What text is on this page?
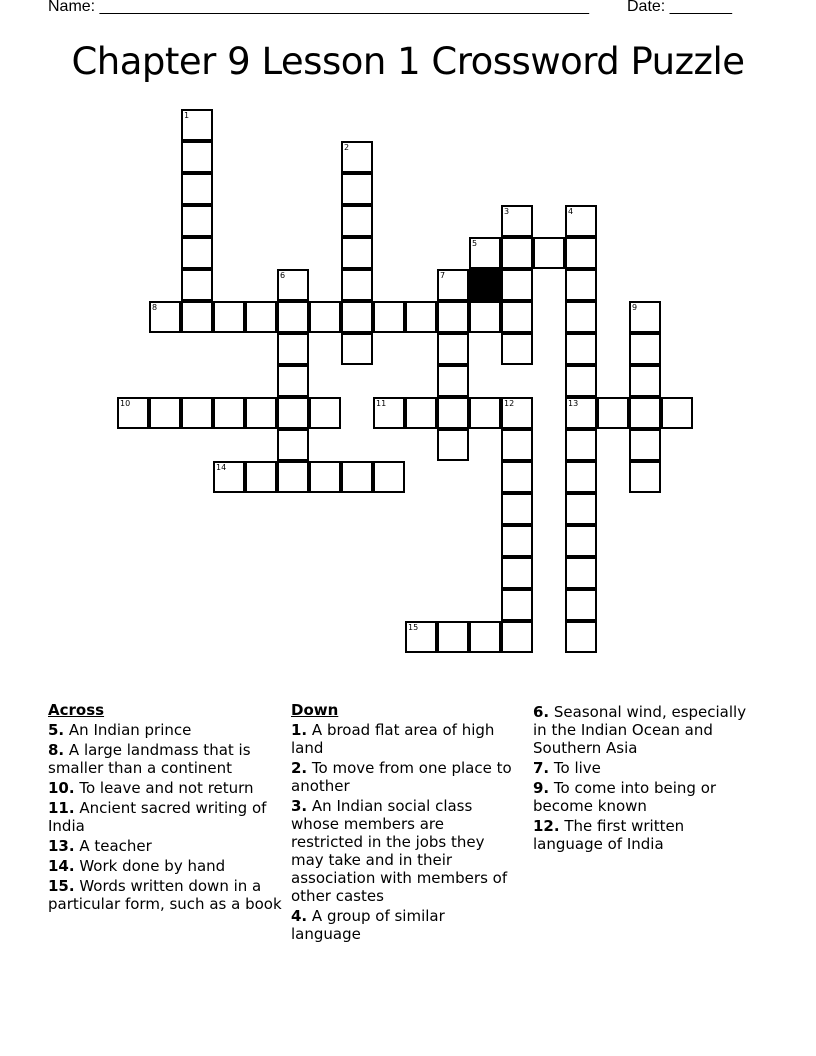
Name: _______________________________________________________ Date: _______
Chapter 9 Lesson 1 Crossword Puzzle
1
2
3	4
13
5
6	7
8	9
10	11	12
14
15
Across
5. An Indian prince
8. A large landmass that is smaller than a continent
10. To leave and not return
11. Ancient sacred writing of India
13. A teacher
14. Work done by hand
15. Words written down in a particular form, such as a book
Down
1. A broad flat area of high land
2. To move from one place to another
3. An Indian social class whose members are restricted in the jobs they may take and in their association with members of other castes
4. A group of similar language
6. Seasonal wind, especially in the Indian Ocean and Southern Asia
7. To live
9. To come into being or become known
12. The first written language of India
